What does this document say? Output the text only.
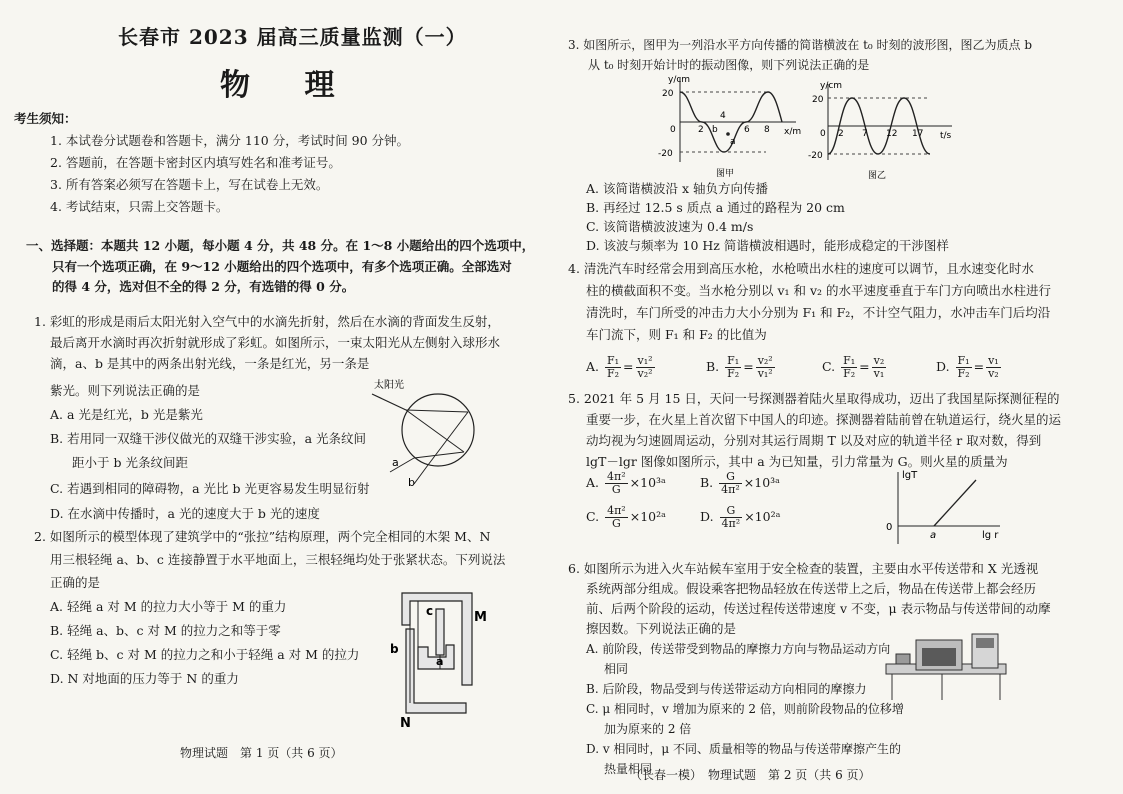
长春市 2023 届高三质量监测（一）
物 理
考生须知：
1. 本试卷分试题卷和答题卡，满分 110 分，考试时间 90 分钟。
2. 答题前，在答题卡密封区内填写姓名和准考证号。
3. 所有答案必须写在答题卡上，写在试卷上无效。
4. 考试结束，只需上交答题卡。
一、选择题：本题共 12 小题，每小题 4 分，共 48 分。在 1～8 小题给出的四个选项中，
只有一个选项正确，在 9～12 小题给出的四个选项中，有多个选项正确。全部选对
的得 4 分，选对但不全的得 2 分，有选错的得 0 分。
1. 彩虹的形成是雨后太阳光射入空气中的水滴先折射，然后在水滴的背面发生反射，
最后离开水滴时再次折射就形成了彩虹。如图所示，一束太阳光从左侧射入球形水
滴，a、b 是其中的两条出射光线，一条是红光，另一条是
紫光。则下列说法正确的是	太阳光
a
b
A. a 光是红光，b 光是紫光
B. 若用同一双缝干涉仪做光的双缝干涉实验，a 光条纹间
距小于 b 光条纹间距
C. 若遇到相同的障碍物，a 光比 b 光更容易发生明显衍射
D. 在水滴中传播时，a 光的速度大于 b 光的速度
2. 如图所示的模型体现了建筑学中的“张拉”结构原理，两个完全相同的木架 M、N
用三根轻绳 a、b、c 连接静置于水平地面上，三根轻绳均处于张紧状态。下列说法
正确的是
c	M
b
a
N
A. 轻绳 a 对 M 的拉力大小等于 M 的重力
B. 轻绳 a、b、c 对 M 的拉力之和等于零
C. 轻绳 b、c 对 M 的拉力之和小于轻绳 a 对 M 的拉力
D. N 对地面的压力等于 N 的重力
物理试题　第 1 页（共 6 页）
3. 如图所示，图甲为一列沿水平方向传播的简谐横波在 t₀ 时刻的波形图，图乙为质点 b
从 t₀ 时刻开始计时的振动图像，则下列说法正确的是
y/cm
x/m
20
-20
0 2
4
6 8
a
b
图甲
y/cm
t/s
20
-20
0 2 7 12 17
图乙
A. 该简谐横波沿 x 轴负方向传播
B. 再经过 12.5 s 质点 a 通过的路程为 20 cm
C. 该简谐横波波速为 0.4 m/s
D. 该波与频率为 10 Hz 简谐横波相遇时，能形成稳定的干涉图样
4. 清洗汽车时经常会用到高压水枪，水枪喷出水柱的速度可以调节，且水速变化时水
柱的横截面积不变。当水枪分别以 v₁ 和 v₂ 的水平速度垂直于车门方向喷出水柱进行
清洗时，车门所受的冲击力大小分别为 F₁ 和 F₂，不计空气阻力，水冲击车门后均沿
车门流下，则 F₁ 和 F₂ 的比值为
A. $\frac{\text{F₁}}{\text{F₂}} = \frac{\text{v₁²}}{\text{v₂²}}$	B. $\frac{\text{F₁}}{\text{F₂}} = \frac{\text{v₂²}}{\text{v₁²}}$	C. $\frac{\text{F₁}}{\text{F₂}} = \frac{\text{v₂}}{\text{v₁}}$	D. $\frac{\text{F₁}}{\text{F₂}} = \frac{\text{v₁}}{\text{v₂}}$
5. 2021 年 5 月 15 日，天问一号探测器着陆火星取得成功，迈出了我国星际探测征程的
重要一步，在火星上首次留下中国人的印迹。探测器着陆前曾在轨道运行，绕火星的运
动均视为匀速圆周运动，分别对其运行周期 T 以及对应的轨道半径 r 取对数，得到
lgT－lgr 图像如图所示，其中 a 为已知量，引力常量为 G。则火星的质量为
A. $\frac{\text{4π²}}{G}$ ×10³ᵃ	B. $\frac{G}{\text{4π²}}$ ×10³ᵃ
C. $\frac{\text{4π²}}{G}$ ×10²ᵃ	D. $\frac{G}{\text{4π²}}$ ×10²ᵃ
lgT
lg r
0
a
6. 如图所示为进入火车站候车室用于安全检查的装置，主要由水平传送带和 X 光透视
系统两部分组成。假设乘客把物品轻放在传送带上之后，物品在传送带上都会经历
前、后两个阶段的运动，传送过程传送带速度 v 不变，μ 表示物品与传送带间的动摩
擦因数。下列说法正确的是
A. 前阶段，传送带受到物品的摩擦力方向与物品运动方向
相同
B. 后阶段，物品受到与传送带运动方向相同的摩擦力
C. μ 相同时，v 增加为原来的 2 倍，则前阶段物品的位移增
加为原来的 2 倍
D. v 相同时，μ 不同、质量相等的物品与传送带摩擦产生的
热量相同
（长春一模）　物理试题　第 2 页（共 6 页）
